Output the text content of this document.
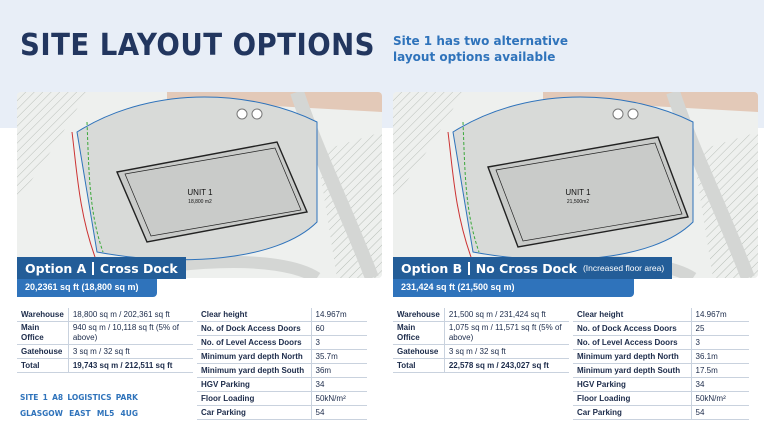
SITE LAYOUT OPTIONS Site 1 has two alternative layout options available
UNIT 1
18,800 m2
UNIT 1
21,500m2
Option A Cross Dock
20,2361 sq ft (18,800 sq m)
Option B No Cross Dock (Increased floor area)
231,424 sq ft (21,500 sq m)
Warehouse	18,800 sq m / 202,361 sq ft
Main Office	940 sq m / 10,118 sq ft (5% of above)
Gatehouse	3 sq m / 32 sq ft
Total	19,743 sq m / 212,511 sq ft
Clear height	14.967m
No. of Dock Access Doors	60
No. of Level Access Doors	3
Minimum yard depth North	35.7m
Minimum yard depth South	36m
HGV Parking	34
Floor Loading	50kN/m²
Car Parking	54
Warehouse	21,500 sq m / 231,424 sq ft
Main Office	1,075 sq m / 11,571 sq ft (5% of above)
Gatehouse	3 sq m / 32 sq ft
Total	22,578 sq m / 243,027 sq ft
Clear height	14.967m
No. of Dock Access Doors	25
No. of Level Access Doors	3
Minimum yard depth North	36.1m
Minimum yard depth South	17.5m
HGV Parking	34
Floor Loading	50kN/m²
Car Parking	54
SITE 1 A8 LOGISTICS PARK
GLASGOW EAST ML5 4UG
